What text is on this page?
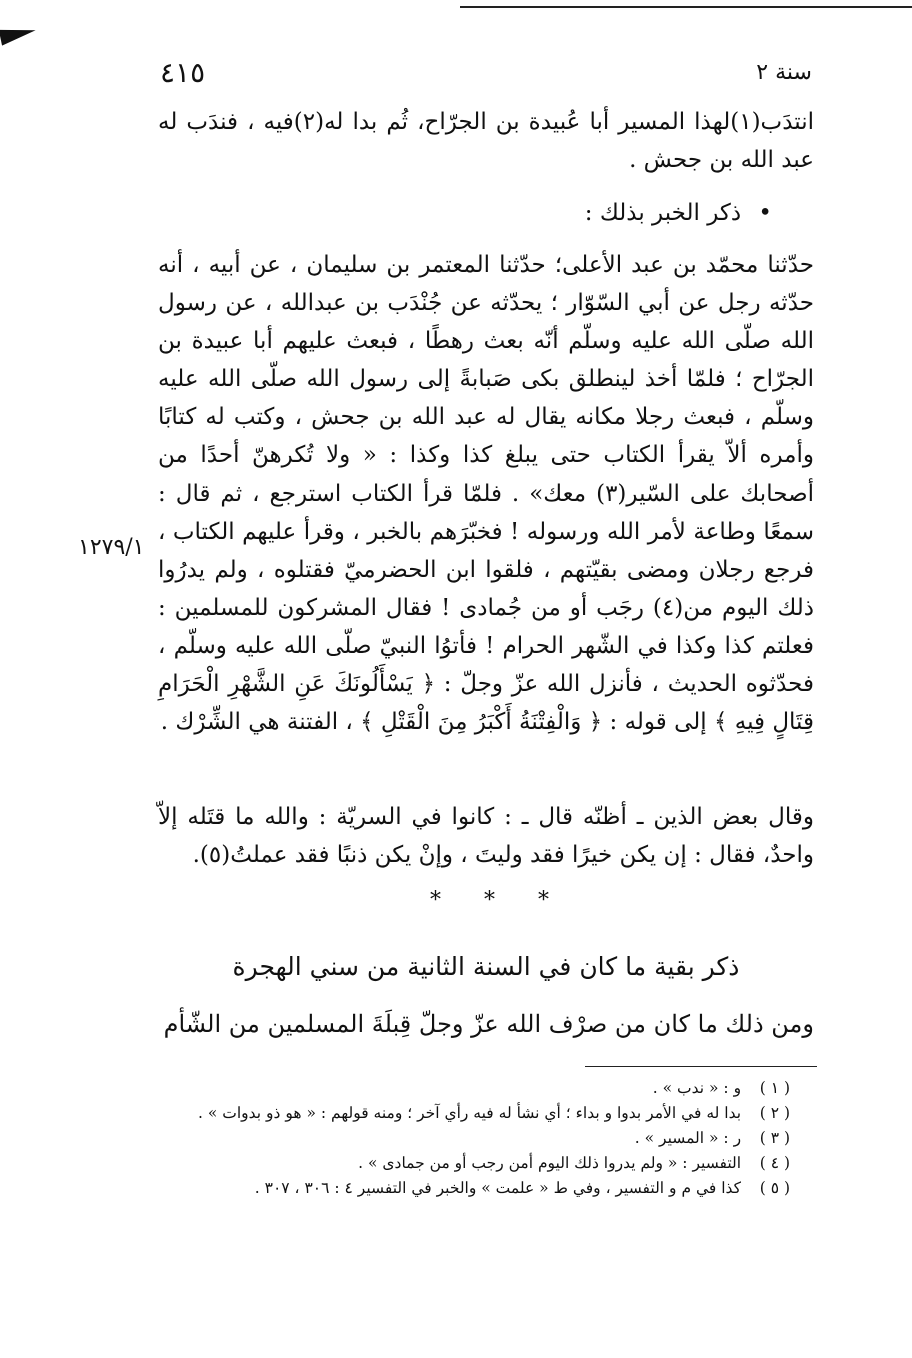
سنة ٢
٤١٥
انتدَب(١)لهذا المسير أبا عُبيدة بن الجرّاح، ثُم بدا له(٢)فيه ، فندَب له عبد الله بن جحش .
• ذكر الخبر بذلك :
حدّثنا محمّد بن عبد الأعلى؛ حدّثنا المعتمر بن سليمان ، عن أبيه ، أنه حدّثه رجل عن أبي السّوّار ؛ يحدّثه عن جُنْدَب بن عبدالله ، عن رسول الله صلّى الله عليه وسلّم أنّه بعث رهطًا ، فبعث عليهم أبا عبيدة بن الجرّاح ؛ فلمّا أخذ لينطلق بكى صَبابةً إلى رسول الله صلّى الله عليه وسلّم ، فبعث رجلا مكانه يقال له عبد الله بن جحش ، وكتب له كتابًا وأمره ألاّ يقرأ الكتاب حتى يبلغ كذا وكذا : « ولا تُكرهنّ أحدًا من أصحابك على السّير(٣) معك» . فلمّا قرأ الكتاب استرجع ، ثم قال : سمعًا وطاعة لأمر الله ورسوله ! فخبّرَهم بالخبر ، وقرأ عليهم الكتاب ، فرجع رجلان ومضى بقيّتهم ، فلقوا ابن الحضرميّ فقتلوه ، ولم يدرُوا ذلك اليوم من(٤) رجَب أو من جُمادى ! فقال المشركون للمسلمين : فعلتم كذا وكذا في الشّهر الحرام ! فأتوُا النبيّ صلّى الله عليه وسلّم ، فحدّثوه الحديث ، فأنزل الله عزّ وجلّ : ﴿ يَسْأَلُونَكَ عَنِ الشَّهْرِ الْحَرَامِ قِتَالٍ فِيهِ ﴾ إلى قوله : ﴿ وَالْفِتْنَةُ أَكْبَرُ مِنَ الْقَتْلِ ﴾ ، الفتنة هي الشِّرْك .
١٢٧٩/١
وقال بعض الذين ـ أظنّه قال ـ : كانوا في السريّة : والله ما قتَله إلاّ واحدٌ، فقال : إن يكن خيرًا فقد وليتَ ، وإنْ يكن ذنبًا فقد عملتُ(٥).
* * *
ذكر بقية ما كان في السنة الثانية من سني الهجرة
ومن ذلك ما كان من صرْف الله عزّ وجلّ قِبلَةَ المسلمين من الشّأم
( ١ ) و : « ندب » .
( ٢ ) بدا له في الأمر بدوا و بداء ؛ أي نشأ له فيه رأي آخر ؛ ومنه قولهم : « هو ذو بدوات » .
( ٣ ) ر : « المسير » .
( ٤ ) التفسير : « ولم يدروا ذلك اليوم أمن رجب أو من جمادى » .
( ٥ ) كذا في م و التفسير ، وفي ط « علمت » والخبر في التفسير ٤ : ٣٠٦ ، ٣٠٧ .
